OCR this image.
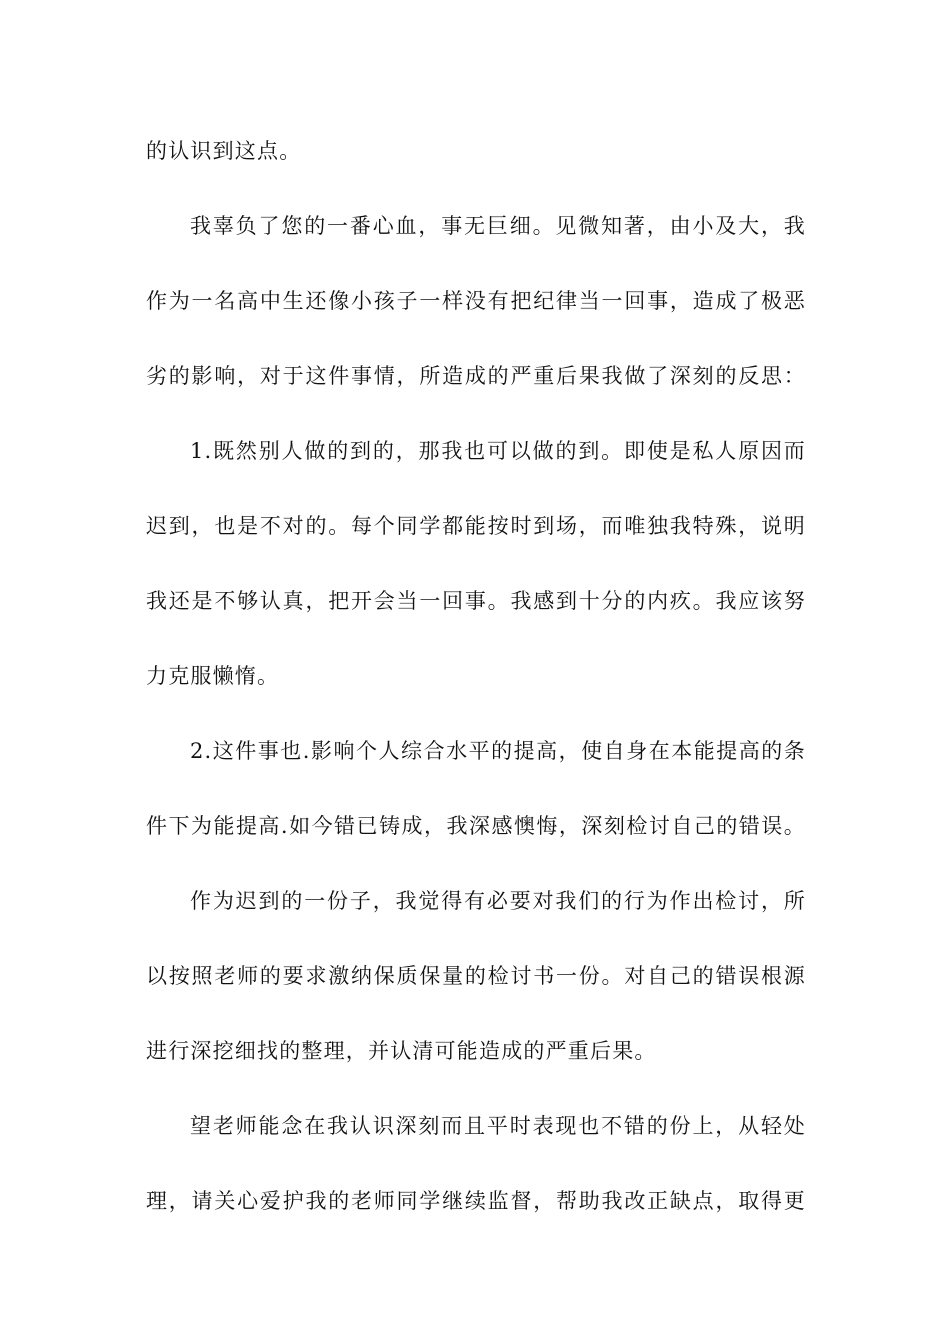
的认识到这点。
我辜负了您的一番心血，事无巨细。见微知著，由小及大，我
作为一名高中生还像小孩子一样没有把纪律当一回事，造成了极恶
劣的影响，对于这件事情，所造成的严重后果我做了深刻的反思：
1.既然别人做的到的，那我也可以做的到。即使是私人原因而
迟到，也是不对的。每个同学都能按时到场，而唯独我特殊，说明
我还是不够认真，把开会当一回事。我感到十分的内疚。我应该努
力克服懒惰。
2.这件事也.影响个人综合水平的提高，使自身在本能提高的条
件下为能提高.如今错已铸成，我深感懊悔，深刻检讨自己的错误。
作为迟到的一份子，我觉得有必要对我们的行为作出检讨，所
以按照老师的要求激纳保质保量的检讨书一份。对自己的错误根源
进行深挖细找的整理，并认清可能造成的严重后果。
望老师能念在我认识深刻而且平时表现也不错的份上，从轻处
理，请关心爱护我的老师同学继续监督，帮助我改正缺点，取得更
